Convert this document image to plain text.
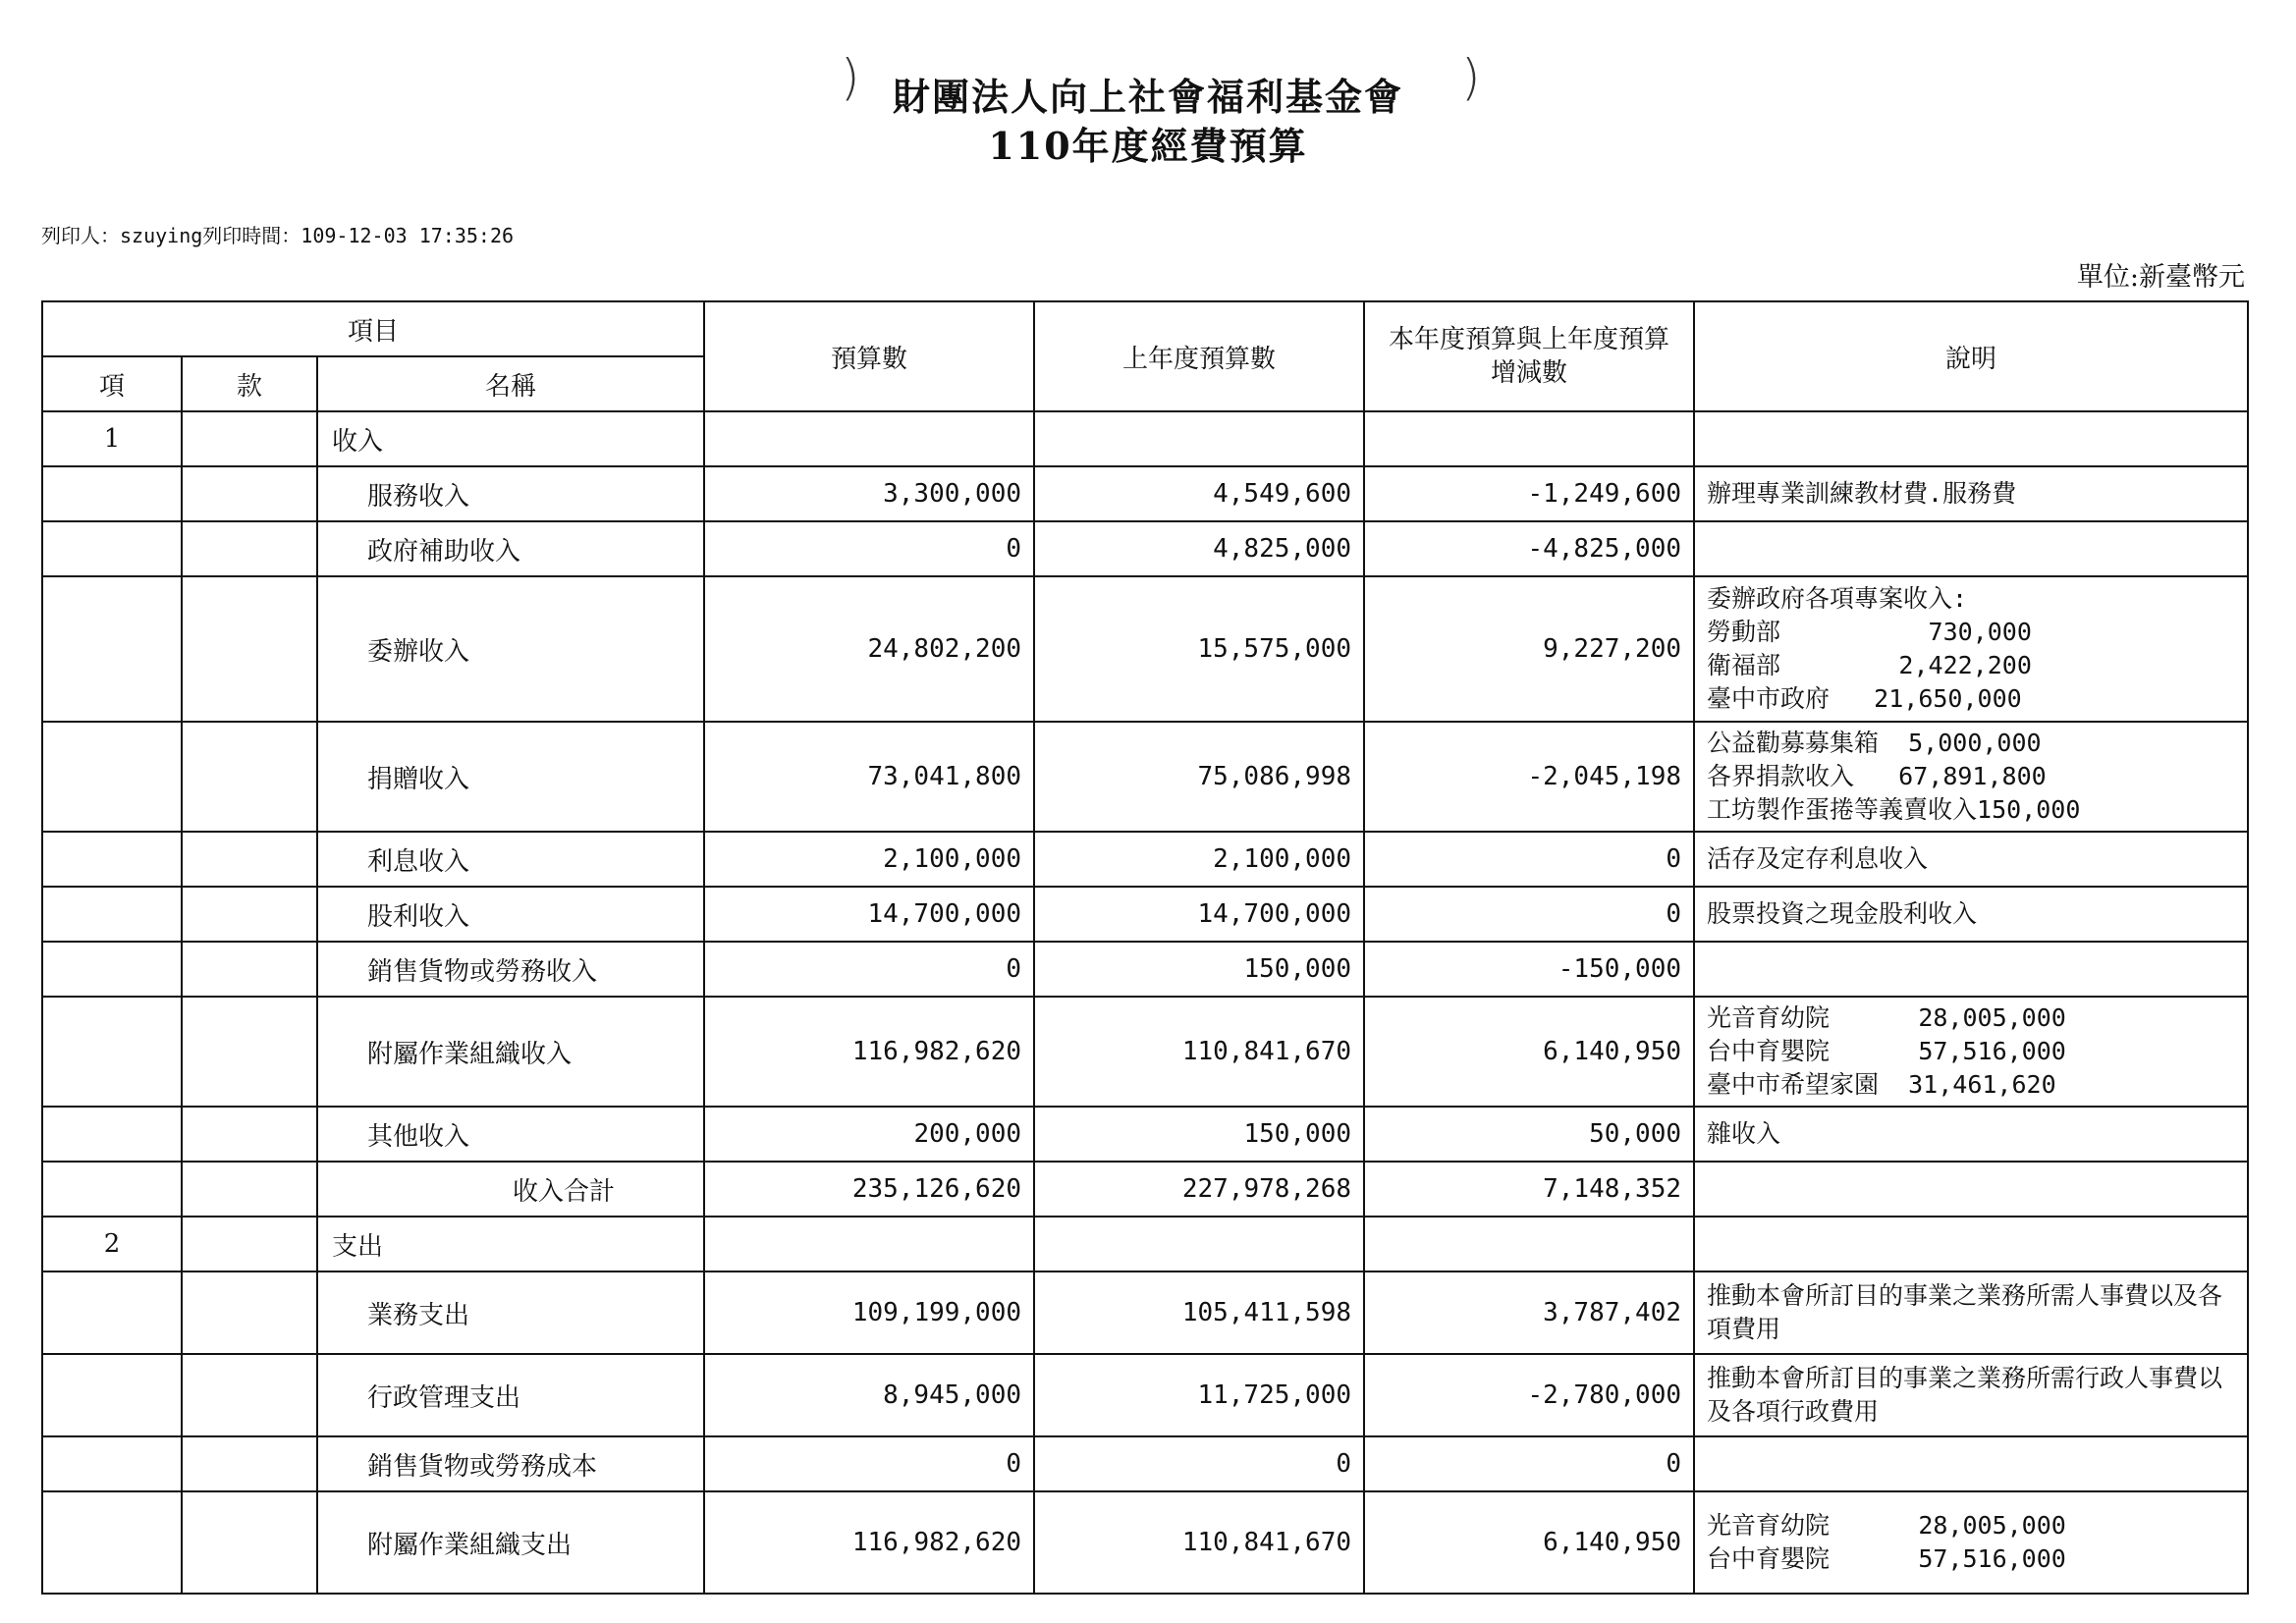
)	)
財團法人向上社會福利基金會
110年度經費預算
列印人：szuying列印時間：109-12-03 17:35:26
單位:新臺幣元
項目			預算數	上年度預算數	本年度預算與上年度預算增減數	說明
項	款	名稱				
1		收入				
		服務收入	3,300,000	4,549,600	-1,249,600	辦理專業訓練教材費.服務費

		政府補助收入	0	4,825,000	-4,825,000	
		委辦收入	24,802,200	15,575,000	9,227,200	委辦政府各項專案收入:
勞動部          730,000
衛福部        2,422,200
臺中市政府   21,650,000

		捐贈收入	73,041,800	75,086,998	-2,045,198	公益勸募募集箱  5,000,000
各界捐款收入   67,891,800
工坊製作蛋捲等義賣收入150,000

		利息收入	2,100,000	2,100,000	0	活存及定存利息收入

		股利收入	14,700,000	14,700,000	0	股票投資之現金股利收入

		銷售貨物或勞務收入	0	150,000	-150,000	
		附屬作業組織收入	116,982,620	110,841,670	6,140,950	光音育幼院      28,005,000
台中育嬰院      57,516,000
臺中市希望家園  31,461,620

		其他收入	200,000	150,000	50,000	雜收入

		收入合計	235,126,620	227,978,268	7,148,352	
2		支出				
		業務支出	109,199,000	105,411,598	3,787,402	推動本會所訂目的事業之業務所需人事費以及各項費用

		行政管理支出	8,945,000	11,725,000	-2,780,000	推動本會所訂目的事業之業務所需行政人事費以及各項行政費用

		銷售貨物或勞務成本	0	0	0	
		附屬作業組織支出	116,982,620	110,841,670	6,140,950	光音育幼院      28,005,000
台中育嬰院      57,516,000
